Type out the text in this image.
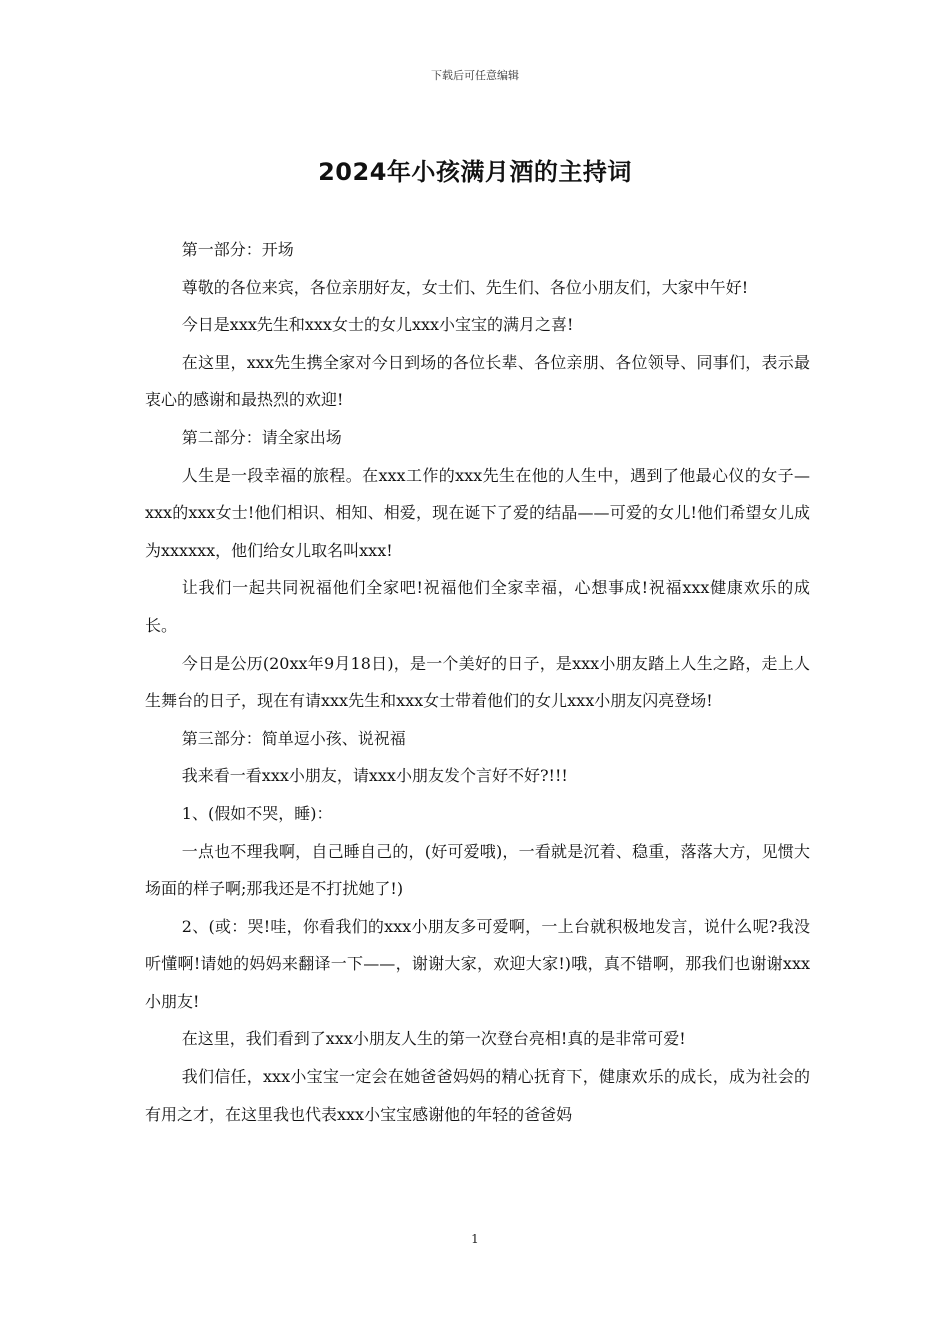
下载后可任意编辑
2024年小孩满月酒的主持词

第一部分：开场

尊敬的各位来宾，各位亲朋好友，女士们、先生们、各位小朋友们，大家中午好!

今日是xxx先生和xxx女士的女儿xxx小宝宝的满月之喜!

在这里，xxx先生携全家对今日到场的各位长辈、各位亲朋、各位领导、同事们，表示最衷心的感谢和最热烈的欢迎!

第二部分：请全家出场

人生是一段幸福的旅程。在xxx工作的xxx先生在他的人生中，遇到了他最心仪的女子—xxx的xxx女士!他们相识、相知、相爱，现在诞下了爱的结晶——可爱的女儿!他们希望女儿成为xxxxxx，他们给女儿取名叫xxx!

让我们一起共同祝福他们全家吧!祝福他们全家幸福，心想事成!祝福xxx健康欢乐的成长。

今日是公历(20xx年9月18日)，是一个美好的日子，是xxx小朋友踏上人生之路，走上人生舞台的日子，现在有请xxx先生和xxx女士带着他们的女儿xxx小朋友闪亮登场!

第三部分：简单逗小孩、说祝福

我来看一看xxx小朋友，请xxx小朋友发个言好不好?!!!

1、(假如不哭，睡)：

一点也不理我啊，自己睡自己的，(好可爱哦)，一看就是沉着、稳重，落落大方，见惯大场面的样子啊;那我还是不打扰她了!)

2、(或：哭!哇，你看我们的xxx小朋友多可爱啊，一上台就积极地发言，说什么呢?我没听懂啊!请她的妈妈来翻译一下——，谢谢大家，欢迎大家!)哦，真不错啊，那我们也谢谢xxx小朋友!

在这里，我们看到了xxx小朋友人生的第一次登台亮相!真的是非常可爱!

我们信任，xxx小宝宝一定会在她爸爸妈妈的精心抚育下，健康欢乐的成长，成为社会的有用之才，在这里我也代表xxx小宝宝感谢他的年轻的爸爸妈

1
